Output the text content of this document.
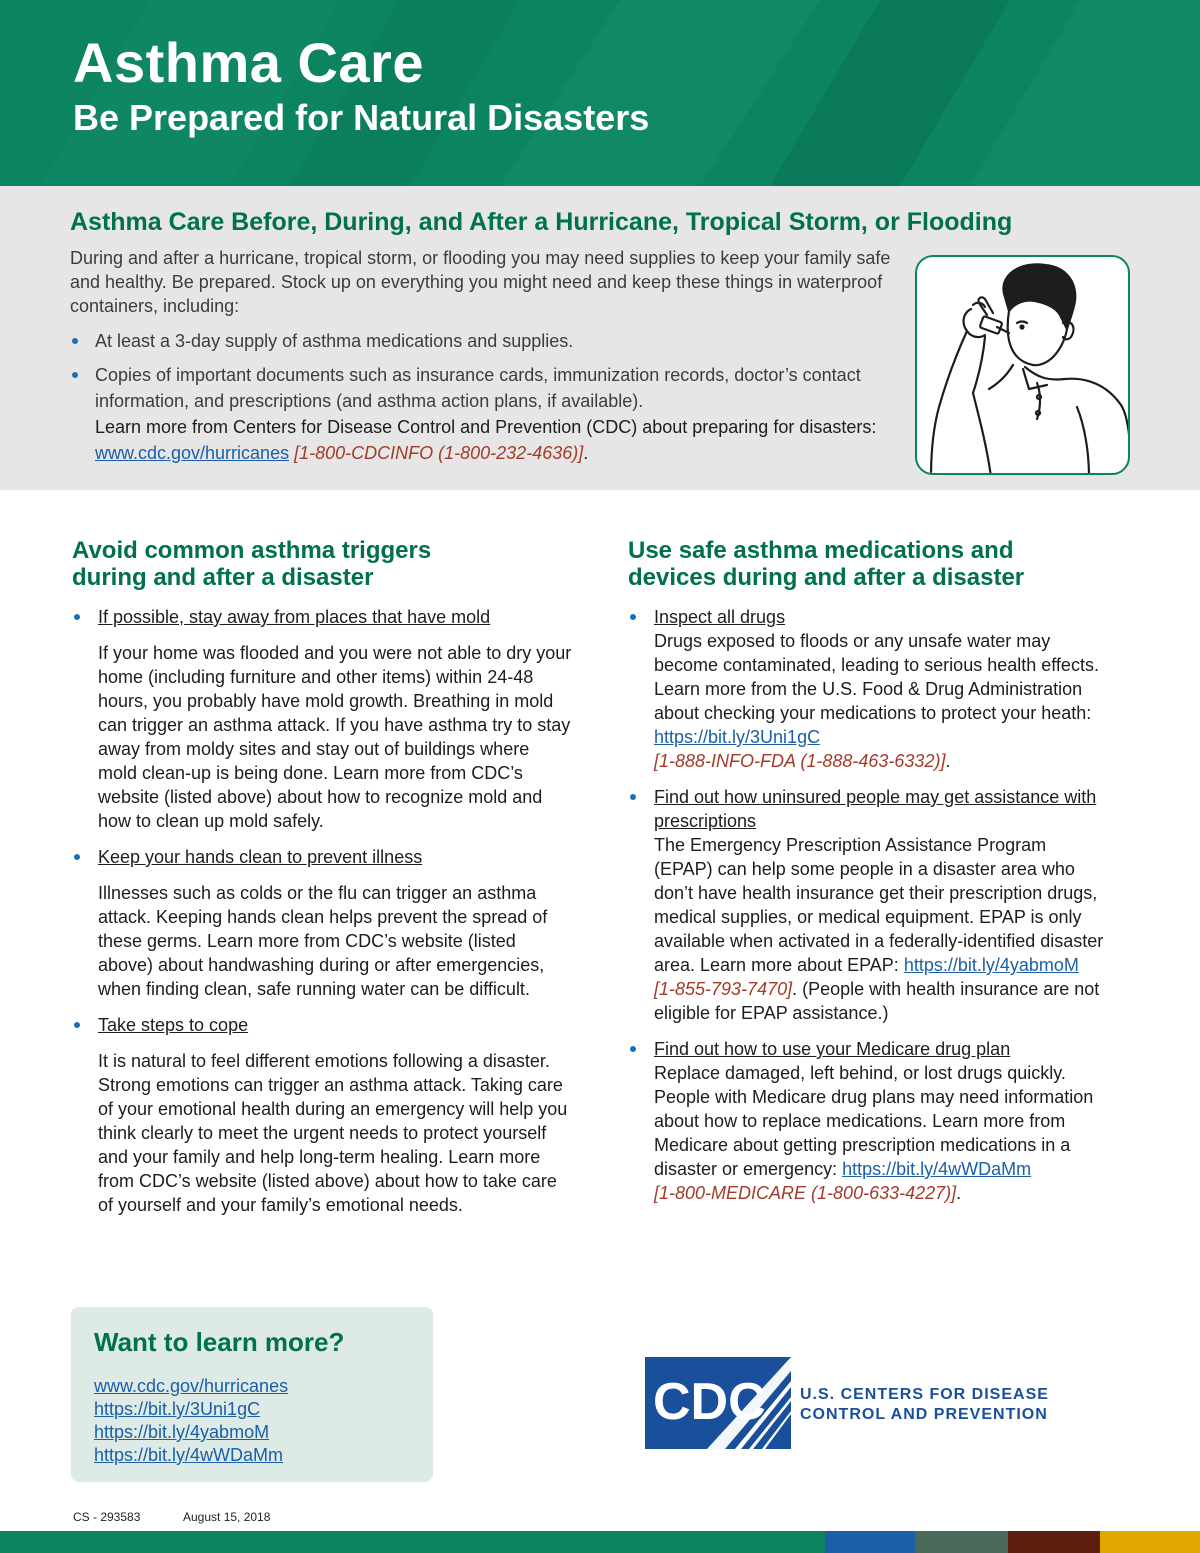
Asthma Care
Be Prepared for Natural Disasters
Asthma Care Before, During, and After a Hurricane, Tropical Storm, or Flooding

During and after a hurricane, tropical storm, or flooding you may need supplies to keep your family safe and healthy. Be prepared. Stock up on everything you might need and keep these things in waterproof containers, including:

At least a 3-day supply of asthma medications and supplies.
Copies of important documents such as insurance cards, immunization records, doctor’s contact information, and prescriptions (and asthma action plans, if available).

Learn more from Centers for Disease Control and Prevention (CDC) about preparing for disasters: www.cdc.gov/hurricanes [1-800-CDCINFO (1-800-232-4636)].

Avoid common asthma triggers
during and after a disaster
If possible, stay away from places that have mold
If your home was flooded and you were not able to dry your home (including furniture and other items) within 24-48 hours, you probably have mold growth. Breathing in mold can trigger an asthma attack. If you have asthma try to stay away from moldy sites and stay out of buildings where mold clean-up is being done. Learn more from CDC’s website (listed above) about how to recognize mold and how to clean up mold safely.
Keep your hands clean to prevent illness
Illnesses such as colds or the flu can trigger an asthma attack. Keeping hands clean helps prevent the spread of these germs. Learn more from CDC’s website (listed above) about handwashing during or after emergencies, when finding clean, safe running water can be difficult.
Take steps to cope
It is natural to feel different emotions following a disaster. Strong emotions can trigger an asthma attack. Taking care of your emotional health during an emergency will help you think clearly to meet the urgent needs to protect yourself and your family and help long-term healing. Learn more from CDC’s website (listed above) about how to take care of yourself and your family’s emotional needs.
Use safe asthma medications and
devices during and after a disaster
Inspect all drugs
Drugs exposed to floods or any unsafe water may become contaminated, leading to serious health effects. Learn more from the U.S. Food & Drug Administration about checking your medications to protect your heath: https://bit.ly/3Uni1gC
[1-888-INFO-FDA (1-888-463-6332)].
Find out how uninsured people may get assistance with prescriptions
The Emergency Prescription Assistance Program (EPAP) can help some people in a disaster area who don’t have health insurance get their prescription drugs, medical supplies, or medical equipment. EPAP is only available when activated in a federally-identified disaster area. Learn more about EPAP: https://bit.ly/4yabmoM
[1-855-793-7470]. (People with health insurance are not eligible for EPAP assistance.)
Find out how to use your Medicare drug plan
Replace damaged, left behind, or lost drugs quickly. People with Medicare drug plans may need information about how to replace medications. Learn more from Medicare about getting prescription medications in a disaster or emergency: https://bit.ly/4wWDaMm
[1-800-MEDICARE (1-800-633-4227)].
Want to learn more?
www.cdc.gov/hurricanes
https://bit.ly/3Uni1gC
https://bit.ly/4yabmoM
https://bit.ly/4wWDaMm
CDC U.S. CENTERS FOR DISEASE
CONTROL AND PREVENTION
CS - 293583	August 15, 2018
